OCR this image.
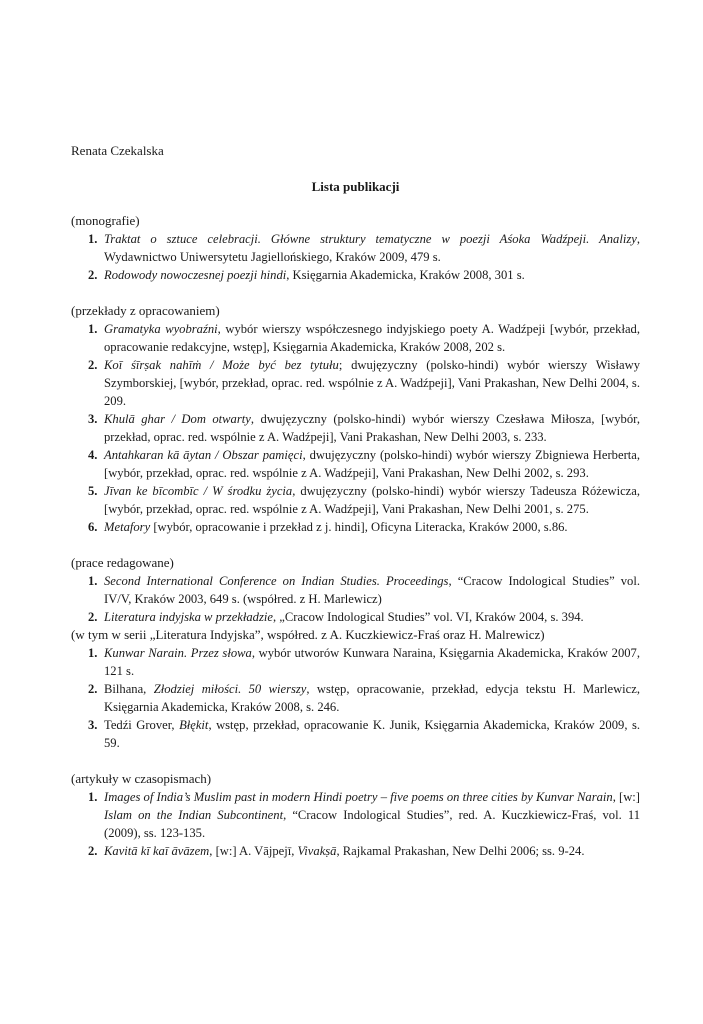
Renata Czekalska

Lista publikacji

(monografie)

1. Traktat o sztuce celebracji. Główne struktury tematyczne w poezji Aśoka Wadźpeji. Analizy, Wydawnictwo Uniwersytetu Jagiellońskiego, Kraków 2009, 479 s.
2. Rodowody nowoczesnej poezji hindi, Księgarnia Akademicka, Kraków 2008, 301 s.

(przekłady z opracowaniem)

1. Gramatyka wyobraźni, wybór wierszy współczesnego indyjskiego poety A. Wadźpeji [wybór, przekład, opracowanie redakcyjne, wstęp], Księgarnia Akademicka, Kraków 2008, 202 s.
2. Koī śīrṣak nahīṁ / Może być bez tytułu; dwujęzyczny (polsko-hindi) wybór wierszy Wisławy Szymborskiej, [wybór, przekład, oprac. red. wspólnie z A. Wadźpeji], Vani Prakashan, New Delhi 2004, s. 209.
3. Khulā ghar / Dom otwarty, dwujęzyczny (polsko-hindi) wybór wierszy Czesława Miłosza, [wybór, przekład, oprac. red. wspólnie z A. Wadźpeji], Vani Prakashan, New Delhi 2003, s. 233.
4. Antahkaran kā āytan / Obszar pamięci, dwujęzyczny (polsko-hindi) wybór wierszy Zbigniewa Herberta, [wybór, przekład, oprac. red. wspólnie z A. Wadźpeji], Vani Prakashan, New Delhi 2002, s. 293.
5. Jīvan ke bīcombīc / W środku życia, dwujęzyczny (polsko-hindi) wybór wierszy Tadeusza Różewicza, [wybór, przekład, oprac. red. wspólnie z A. Wadźpeji], Vani Prakashan, New Delhi 2001, s. 275.
6. Metafory [wybór, opracowanie i przekład z j. hindi], Oficyna Literacka, Kraków 2000, s.86.

(prace redagowane)

1. Second International Conference on Indian Studies. Proceedings, “Cracow Indological Studies” vol. IV/V, Kraków 2003, 649 s. (współred. z H. Marlewicz)
2. Literatura indyjska w przekładzie, „Cracow Indological Studies” vol. VI, Kraków 2004, s. 394.

(w tym w serii „Literatura Indyjska”, współred. z A. Kuczkiewicz-Fraś oraz H. Malrewicz)

1. Kunwar Narain. Przez słowa, wybór utworów Kunwara Naraina, Księgarnia Akademicka, Kraków 2007, 121 s.
2. Bilhana, Złodziej miłości. 50 wierszy, wstęp, opracowanie, przekład, edycja tekstu H. Marlewicz, Księgarnia Akademicka, Kraków 2008, s. 246.
3. Tedźi Grover, Błękit, wstęp, przekład, opracowanie K. Junik, Księgarnia Akademicka, Kraków 2009, s. 59.

(artykuły w czasopismach)

1. Images of India’s Muslim past in modern Hindi poetry – five poems on three cities by Kunvar Narain, [w:] Islam on the Indian Subcontinent, “Cracow Indological Studies”, red. A. Kuczkiewicz-Fraś, vol. 11 (2009), ss. 123-135.
2. Kavitā kī kaī āvāzem, [w:] A. Vājpejī, Vivakṣā, Rajkamal Prakashan, New Delhi 2006; ss. 9-24.
